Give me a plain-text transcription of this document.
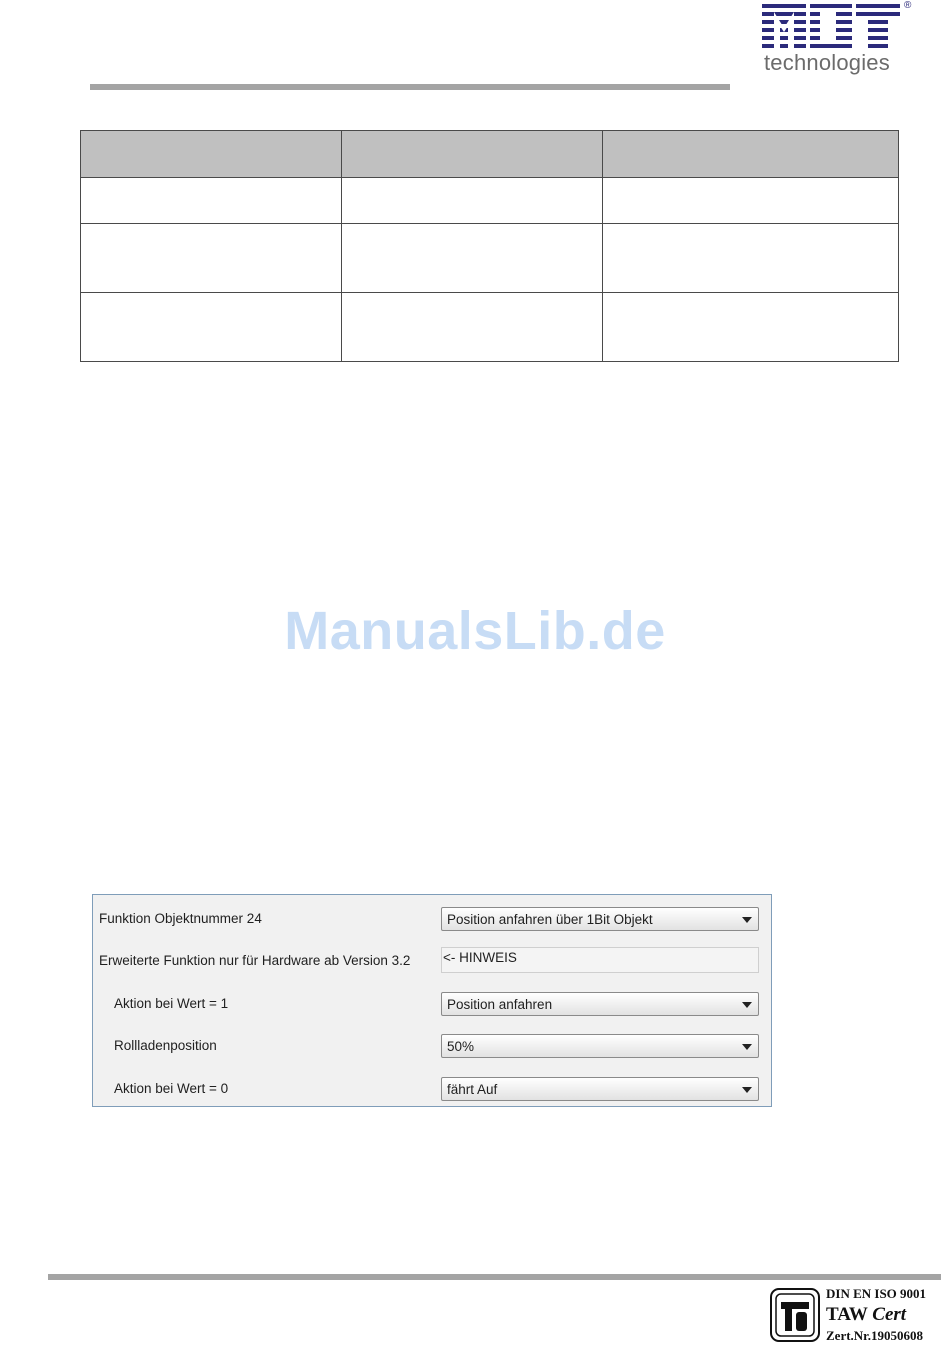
®
technologies

ManualsLib.de
Funktion Objektnummer 24	Position anfahren über 1Bit Objekt
Erweiterte Funktion nur für Hardware ab Version 3.2 <- HINWEIS
Aktion bei Wert = 1	Position anfahren
Rollladenposition	50%
Aktion bei Wert = 0	fährt Auf
DIN EN ISO 9001
TAW Cert
Zert.Nr.19050608
